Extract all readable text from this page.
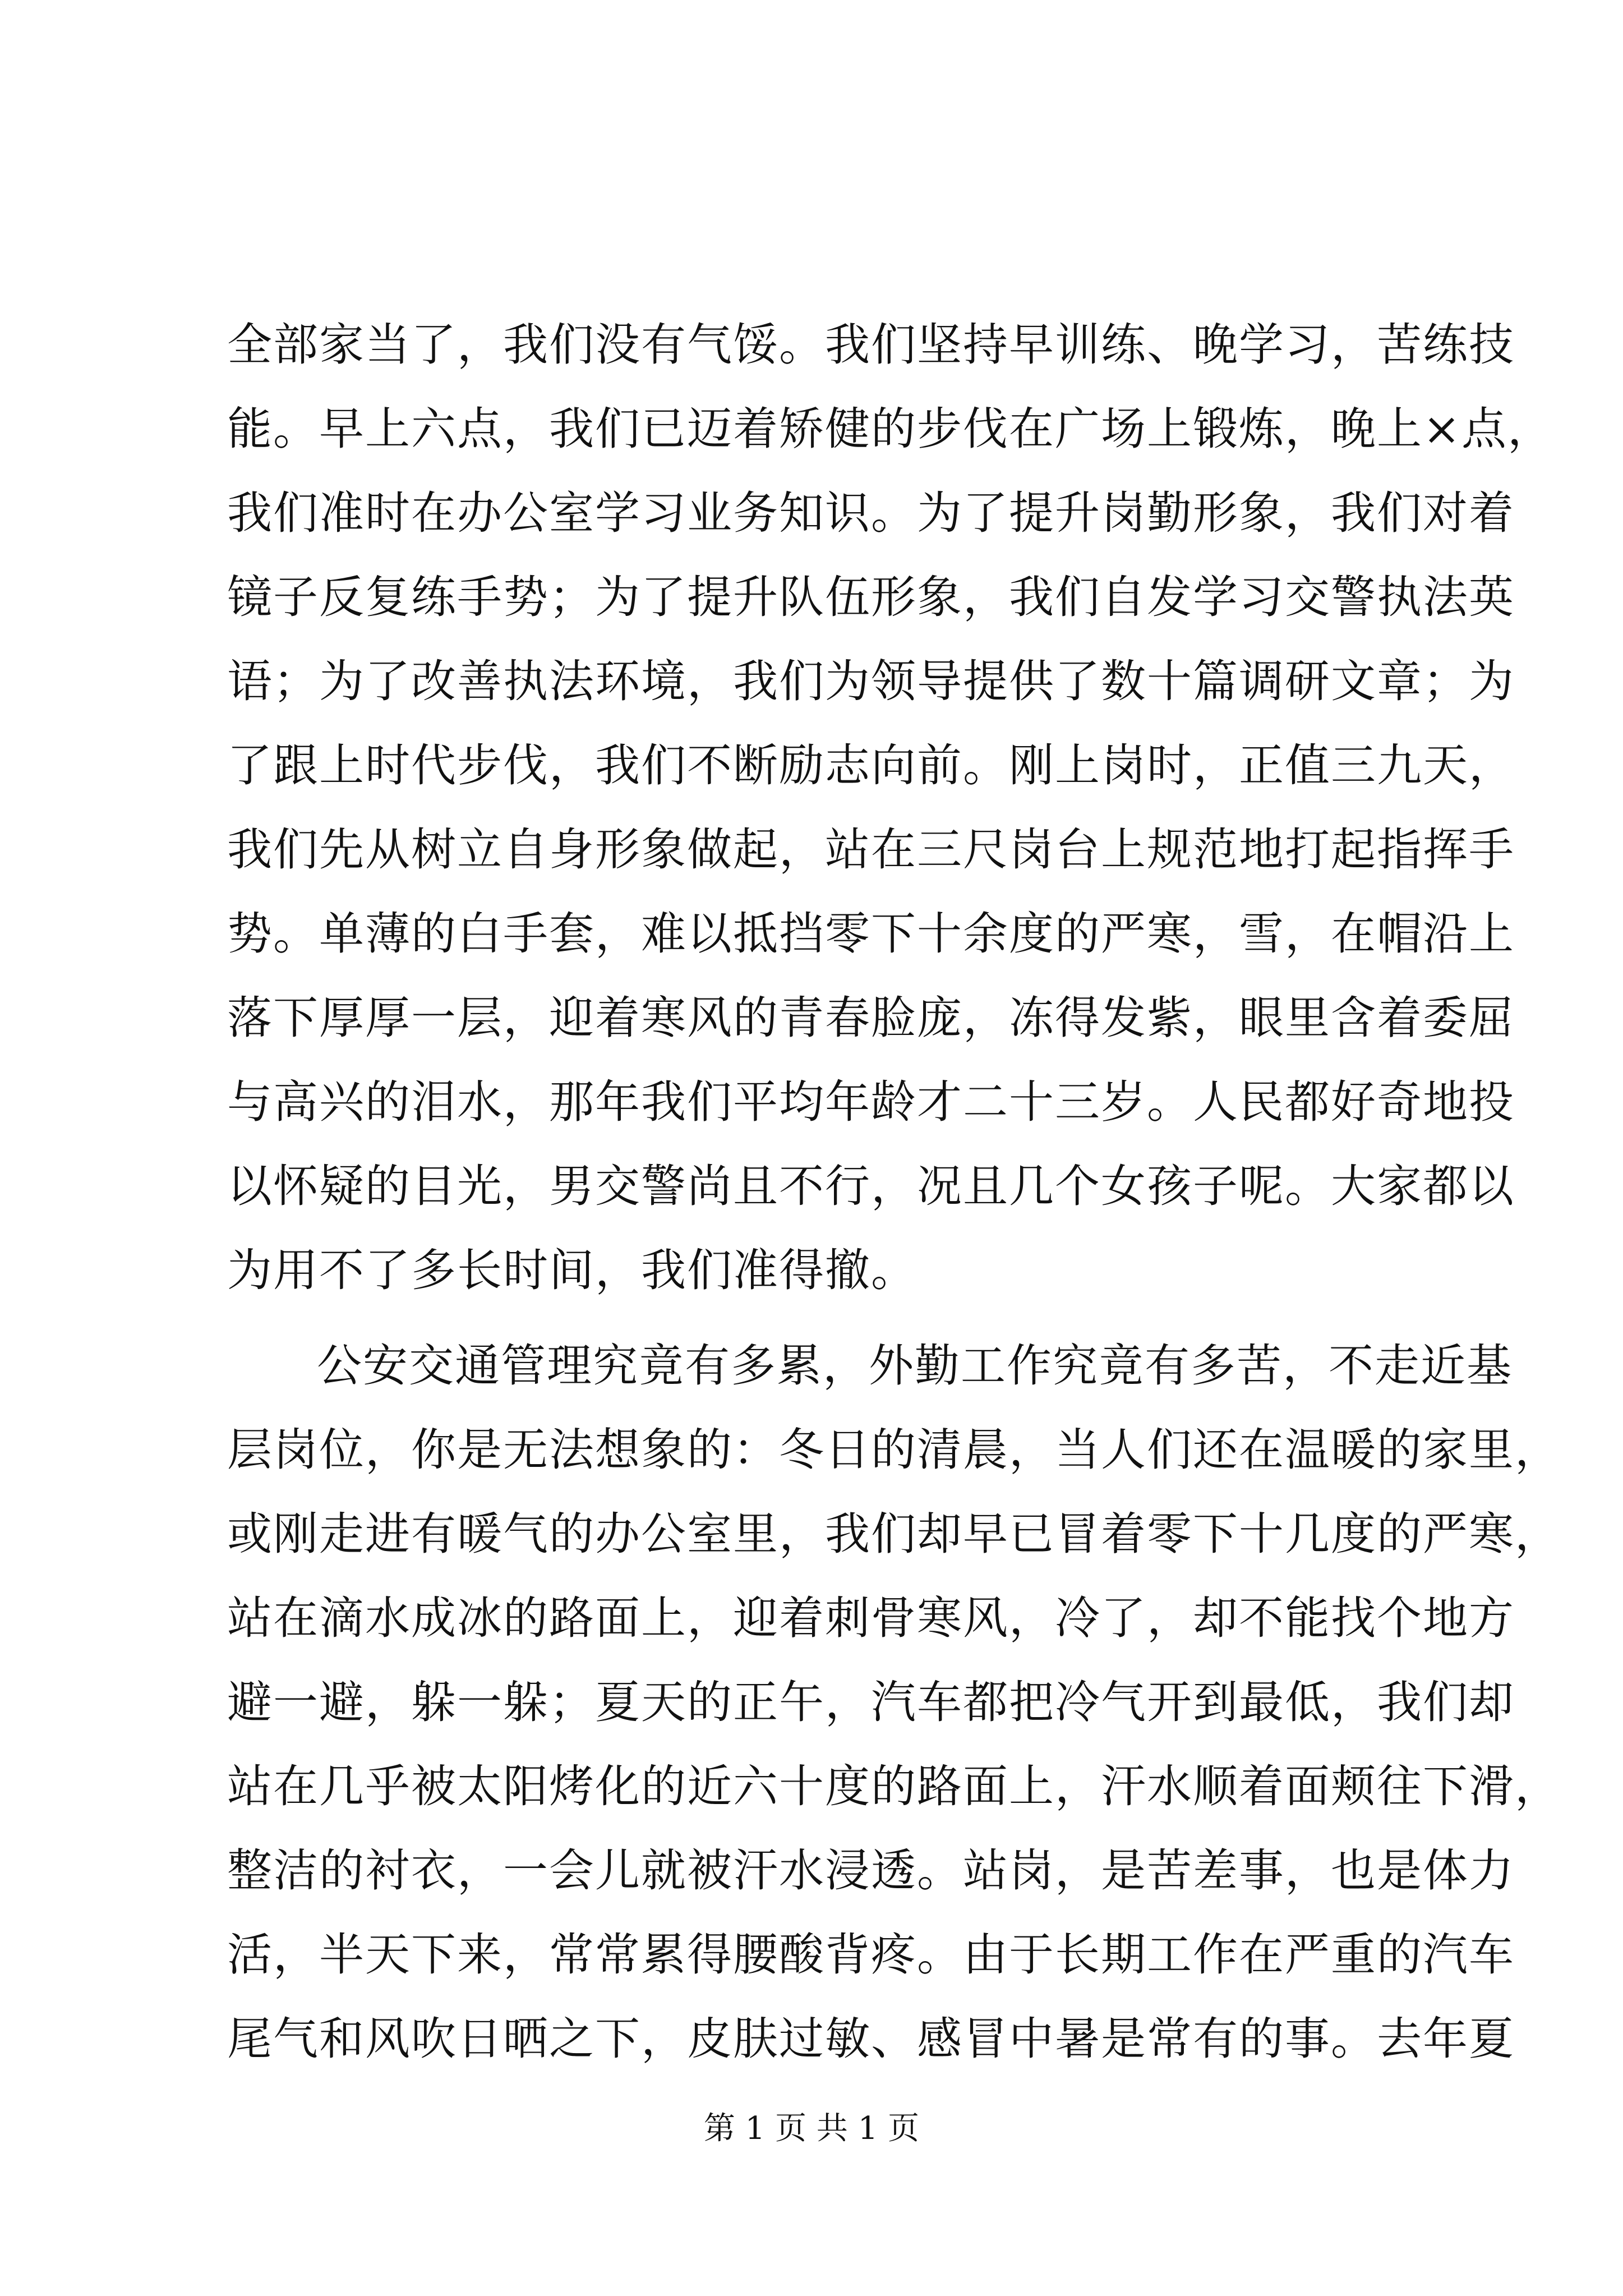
全部家当了，我们没有气馁。我们坚持早训练、晚学习，苦练技
能。早上六点，我们已迈着矫健的步伐在广场上锻炼，晚上×点，
我们准时在办公室学习业务知识。为了提升岗勤形象，我们对着
镜子反复练手势；为了提升队伍形象，我们自发学习交警执法英
语；为了改善执法环境，我们为领导提供了数十篇调研文章；为
了跟上时代步伐，我们不断励志向前。刚上岗时，正值三九天，
我们先从树立自身形象做起，站在三尺岗台上规范地打起指挥手
势。单薄的白手套，难以抵挡零下十余度的严寒，雪，在帽沿上
落下厚厚一层，迎着寒风的青春脸庞，冻得发紫，眼里含着委屈
与高兴的泪水，那年我们平均年龄才二十三岁。人民都好奇地投
以怀疑的目光，男交警尚且不行，况且几个女孩子呢。大家都以
为用不了多长时间，我们准得撤。
公安交通管理究竟有多累，外勤工作究竟有多苦，不走近基
层岗位，你是无法想象的：冬日的清晨，当人们还在温暖的家里，
或刚走进有暖气的办公室里，我们却早已冒着零下十几度的严寒，
站在滴水成冰的路面上，迎着刺骨寒风，冷了，却不能找个地方
避一避，躲一躲；夏天的正午，汽车都把冷气开到最低，我们却
站在几乎被太阳烤化的近六十度的路面上，汗水顺着面颊往下滑，
整洁的衬衣，一会儿就被汗水浸透。站岗，是苦差事，也是体力
活，半天下来，常常累得腰酸背疼。由于长期工作在严重的汽车
尾气和风吹日晒之下，皮肤过敏、感冒中暑是常有的事。去年夏
第 1 页 共 1 页
